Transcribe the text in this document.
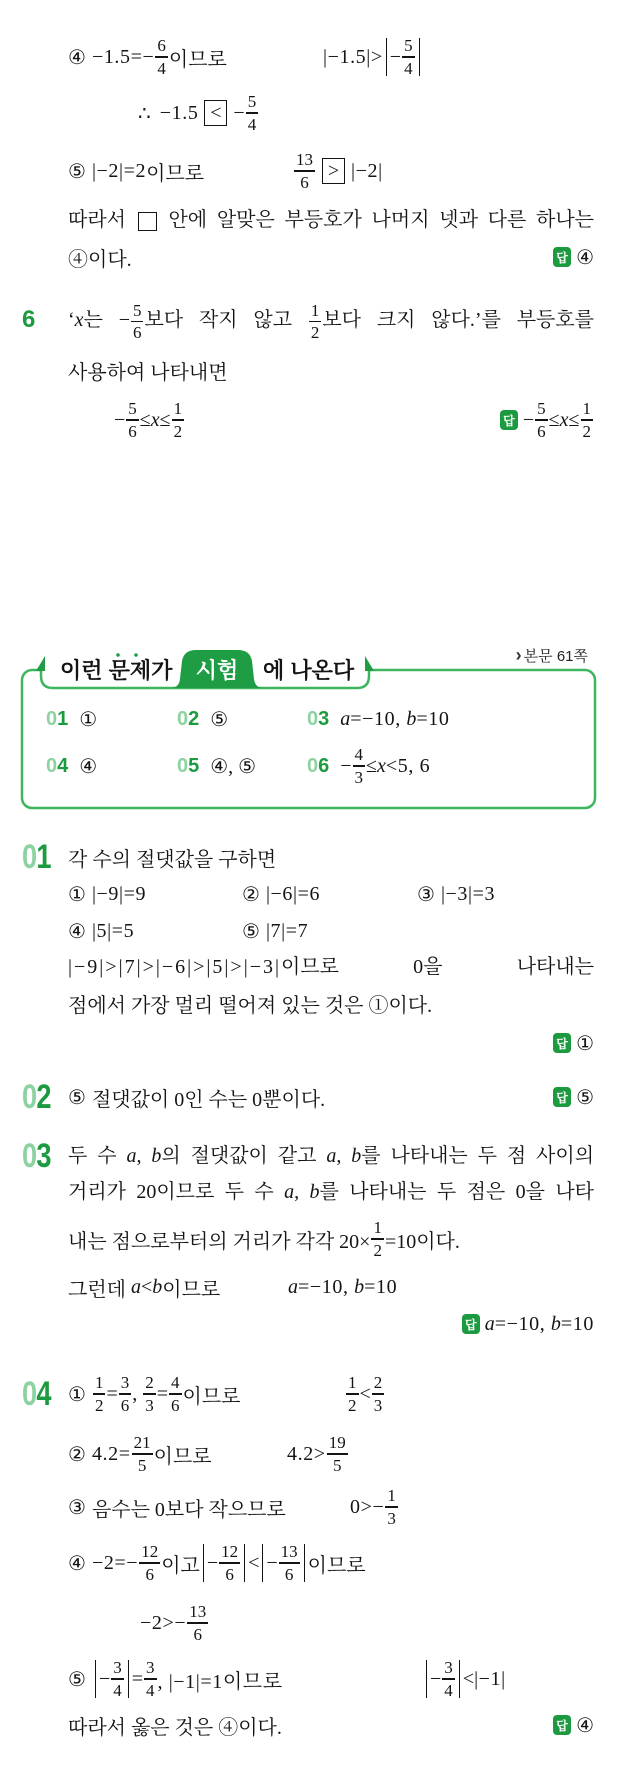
④ $-1.5=- \frac{6}{4}$ 이므로	$|-1.5|> - \frac{5}{4}$
∴ −1.5 < − $\frac{5}{4}$
⑤ |−2|=2 이므로	$\frac{13}{6} > |-2|$
따라서  안에 알맞은 부등호가 나머지 넷과 다른 하나는
④이다.	답 ④
6 ‘x는 − $\frac{5}{6}$ 보다 작지 않고 $\frac{1}{2}$ 보다 크지 않다.’를 부등호를
사용하여 나타내면
− $\frac{5}{6} \le x \le \frac{1}{2}$	답 − $\frac{5}{6} \le x \le \frac{1}{2}$
› 본문 61쪽
이런 문제가	시험	에 나온다
01 ①	02 ⑤	03 a =−10, b =10
04 ④	05 ④, ⑤	$06 - \frac{4}{3} \le x <5$, 6
0 1 각 수의 절댓값을 구하면
① |−9|=9	② |−6|=6	③ |−3|=3
④ |5|=5	⑤ |7|=7
|−9|>|7|>|−6|>|5|>|−3|이므로 0을 나타내는
점에서 가장 멀리 떨어져 있는 것은 ①이다.
답 ①
0 2 ⑤ 절댓값이 0인 수는 0뿐이다.	답 ⑤
0 3 두 수 a, b의 절댓값이 같고 a, b를 나타내는 두 점 사이의
거리가 20이므로 두 수 a, b를 나타내는 두 점은 0을 나타
내는 점으로부터의 거리가 각각 $20\times \frac{1}{2} =10$이다.
그런데 a < b 이므로	a =−10, b =10
답 a =−10, b =10
0 4 ① $\frac{1}{2} = \frac{3}{6}$ , $\frac{2}{3} = \frac{4}{6}$ 이므로	$\frac{1}{2} < \frac{2}{3}$
② $4.2= \frac{21}{5}$ 이므로	$4.2> \frac{19}{5}$
③ 음수는 0보다 작으므로	$0>- \frac{1}{3}$
④ $-2=- \frac{12}{6}$ 이고 − $\frac{12}{6}$ < − $\frac{13}{6}$ 이므로
$-2>- \frac{13}{6}$
⑤ − $\frac{3}{4} = \frac{3}{4}$ , |−1|=1이므로	− $\frac{3}{4} < |-1|$
따라서 옳은 것은 ④이다.	답 ④
